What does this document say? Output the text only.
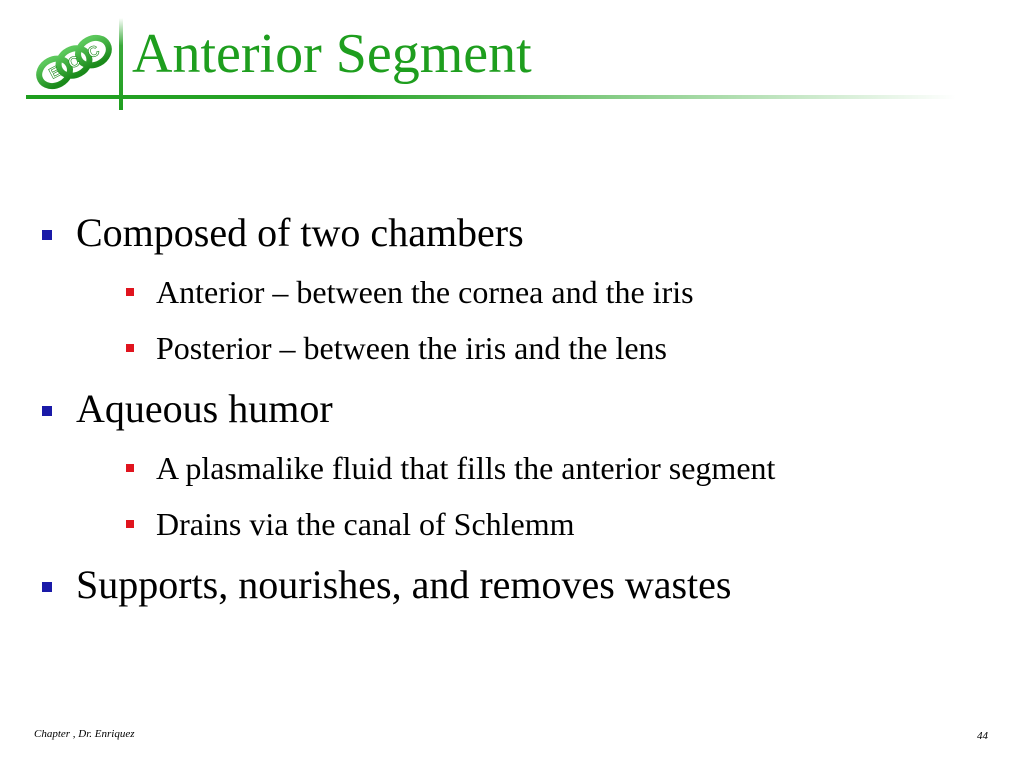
E
C
C Anterior Segment
Composed of two chambers
Anterior – between the cornea and the iris
Posterior – between the iris and the lens
Aqueous humor
A plasmalike fluid that fills the anterior segment
Drains via the canal of Schlemm
Supports, nourishes, and removes wastes
Chapter , Dr. Enriquez	44
